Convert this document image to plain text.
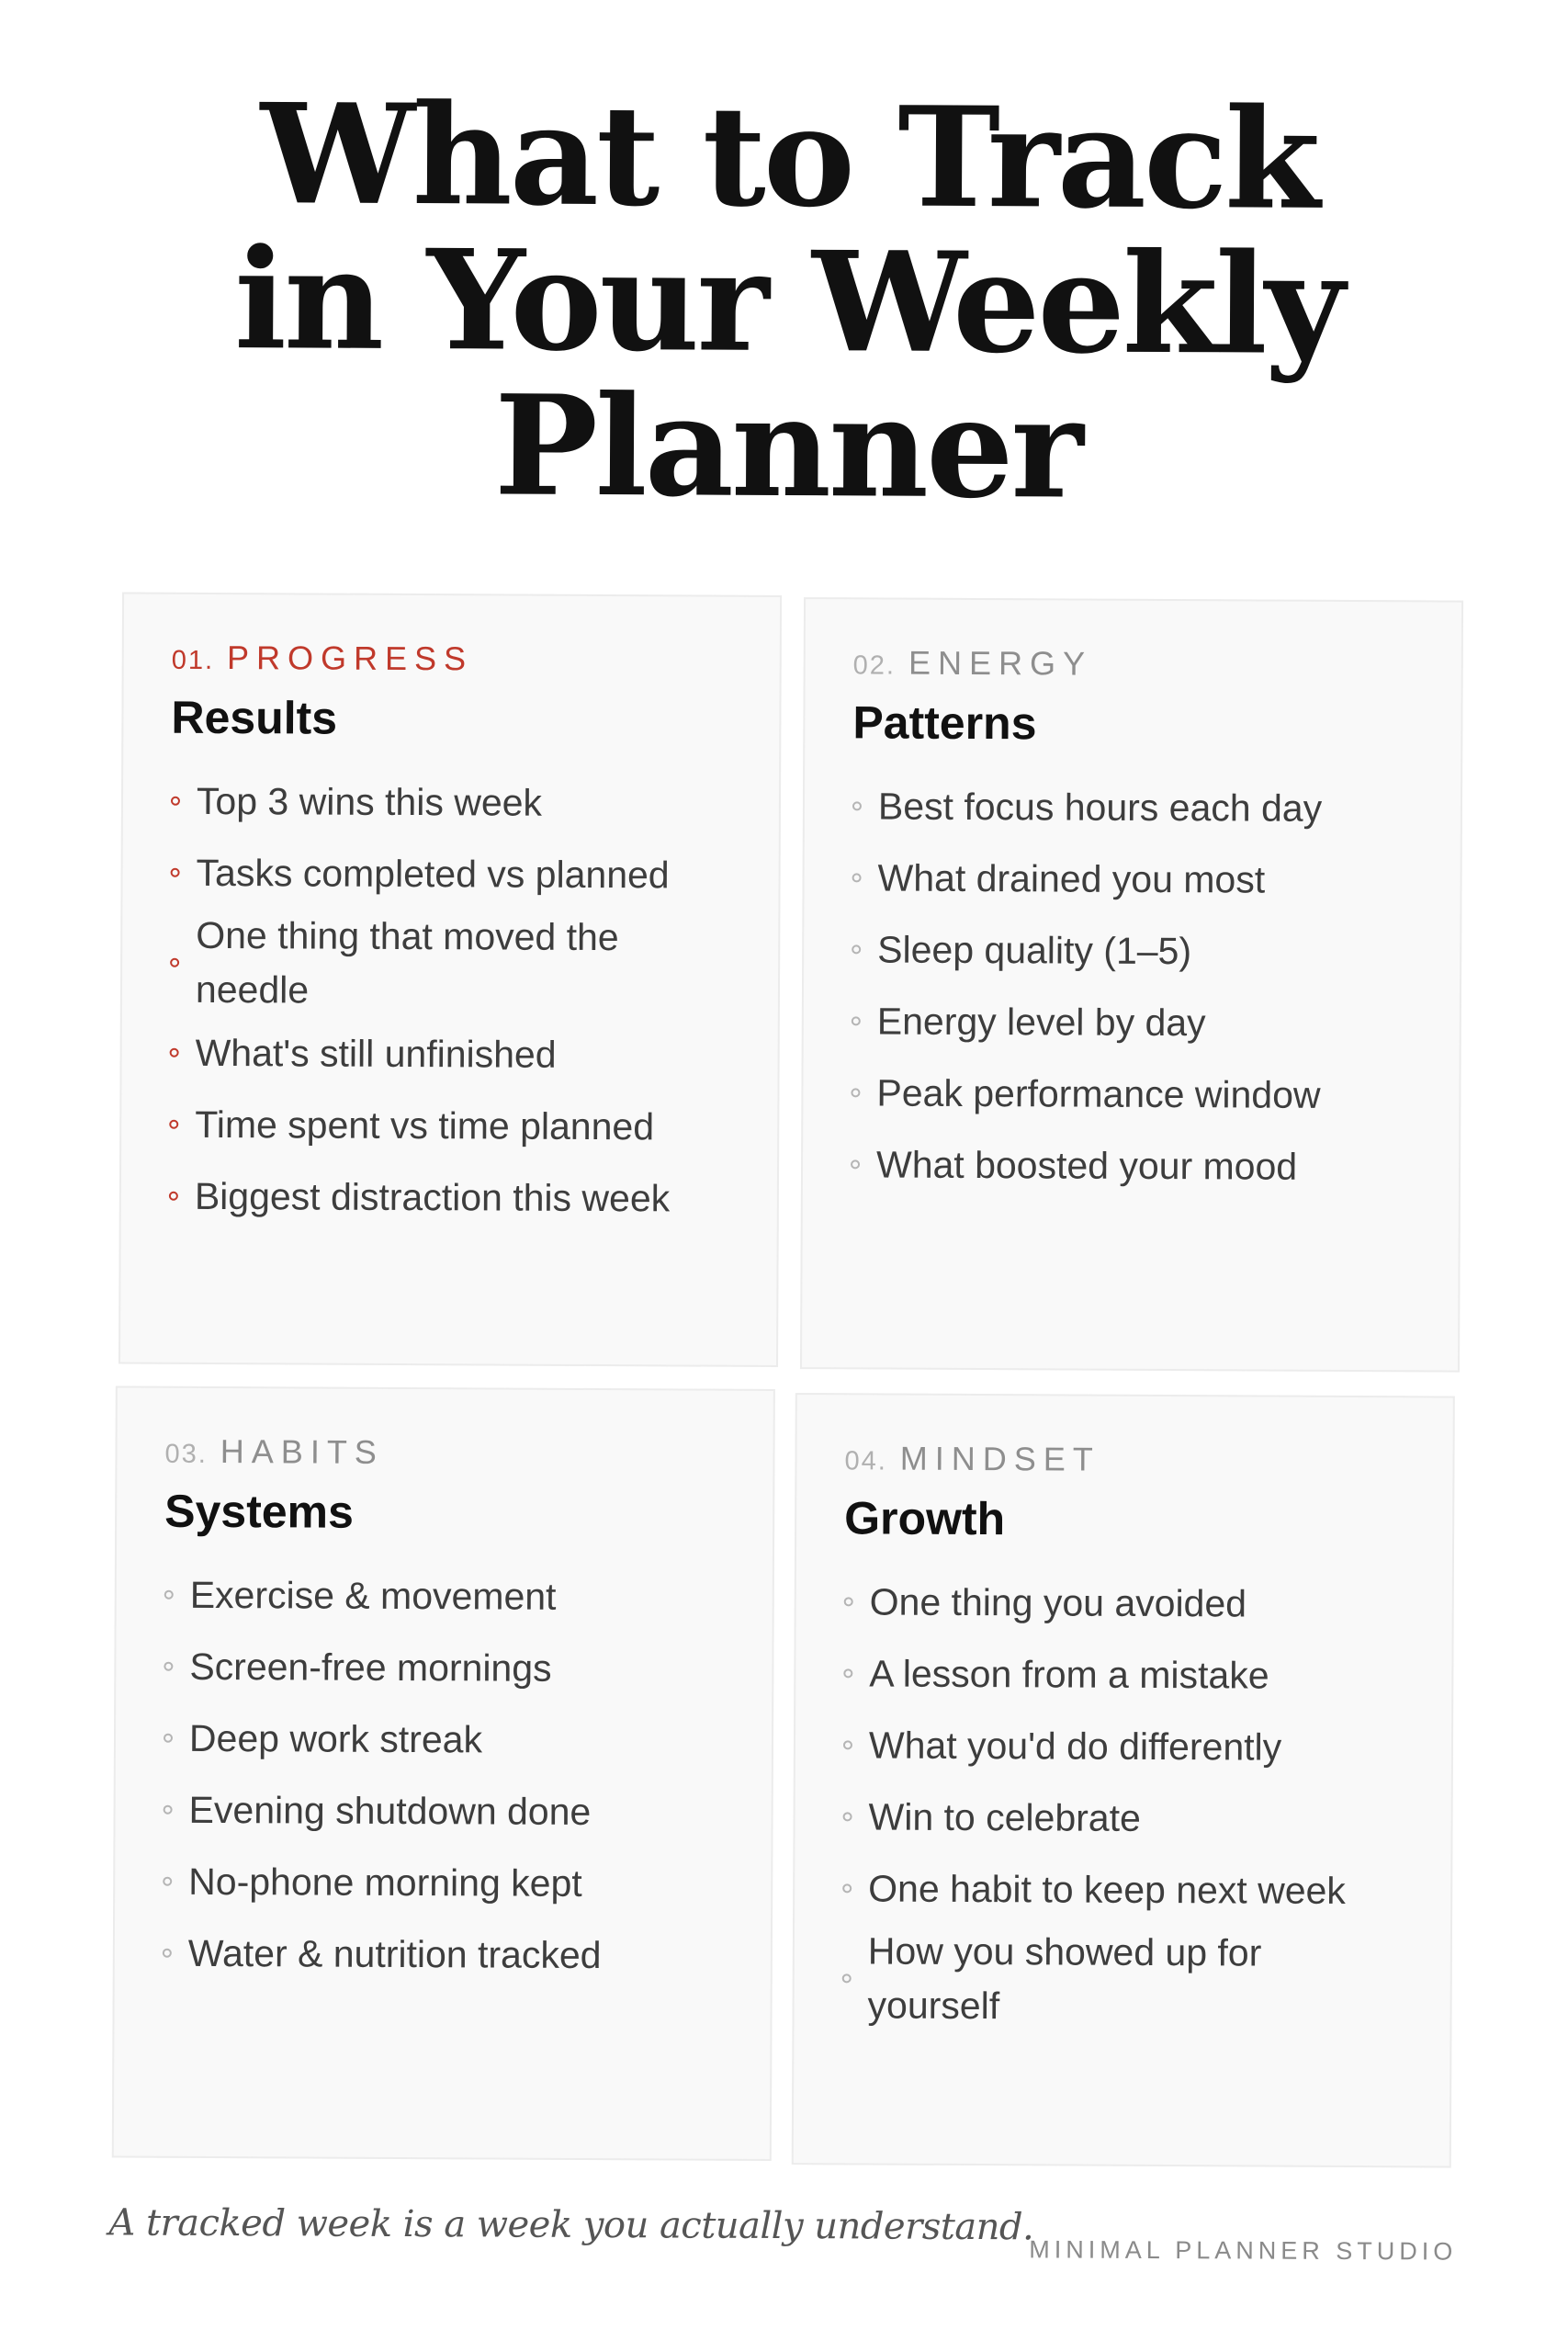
What to Track
in Your Weekly
Planner
01. PROGRESS
Results
Top 3 wins this week
Tasks completed vs planned
One thing that moved the needle
What's still unfinished
Time spent vs time planned
Biggest distraction this week
02. ENERGY
Patterns
Best focus hours each day
What drained you most
Sleep quality (1–5)
Energy level by day
Peak performance window
What boosted your mood
03. HABITS
Systems
Exercise & movement
Screen-free mornings
Deep work streak
Evening shutdown done
No-phone morning kept
Water & nutrition tracked
04. MINDSET
Growth
One thing you avoided
A lesson from a mistake
What you'd do differently
Win to celebrate
One habit to keep next week
How you showed up for yourself

A tracked week is a week you actually understand.

MINIMAL PLANNER STUDIO
